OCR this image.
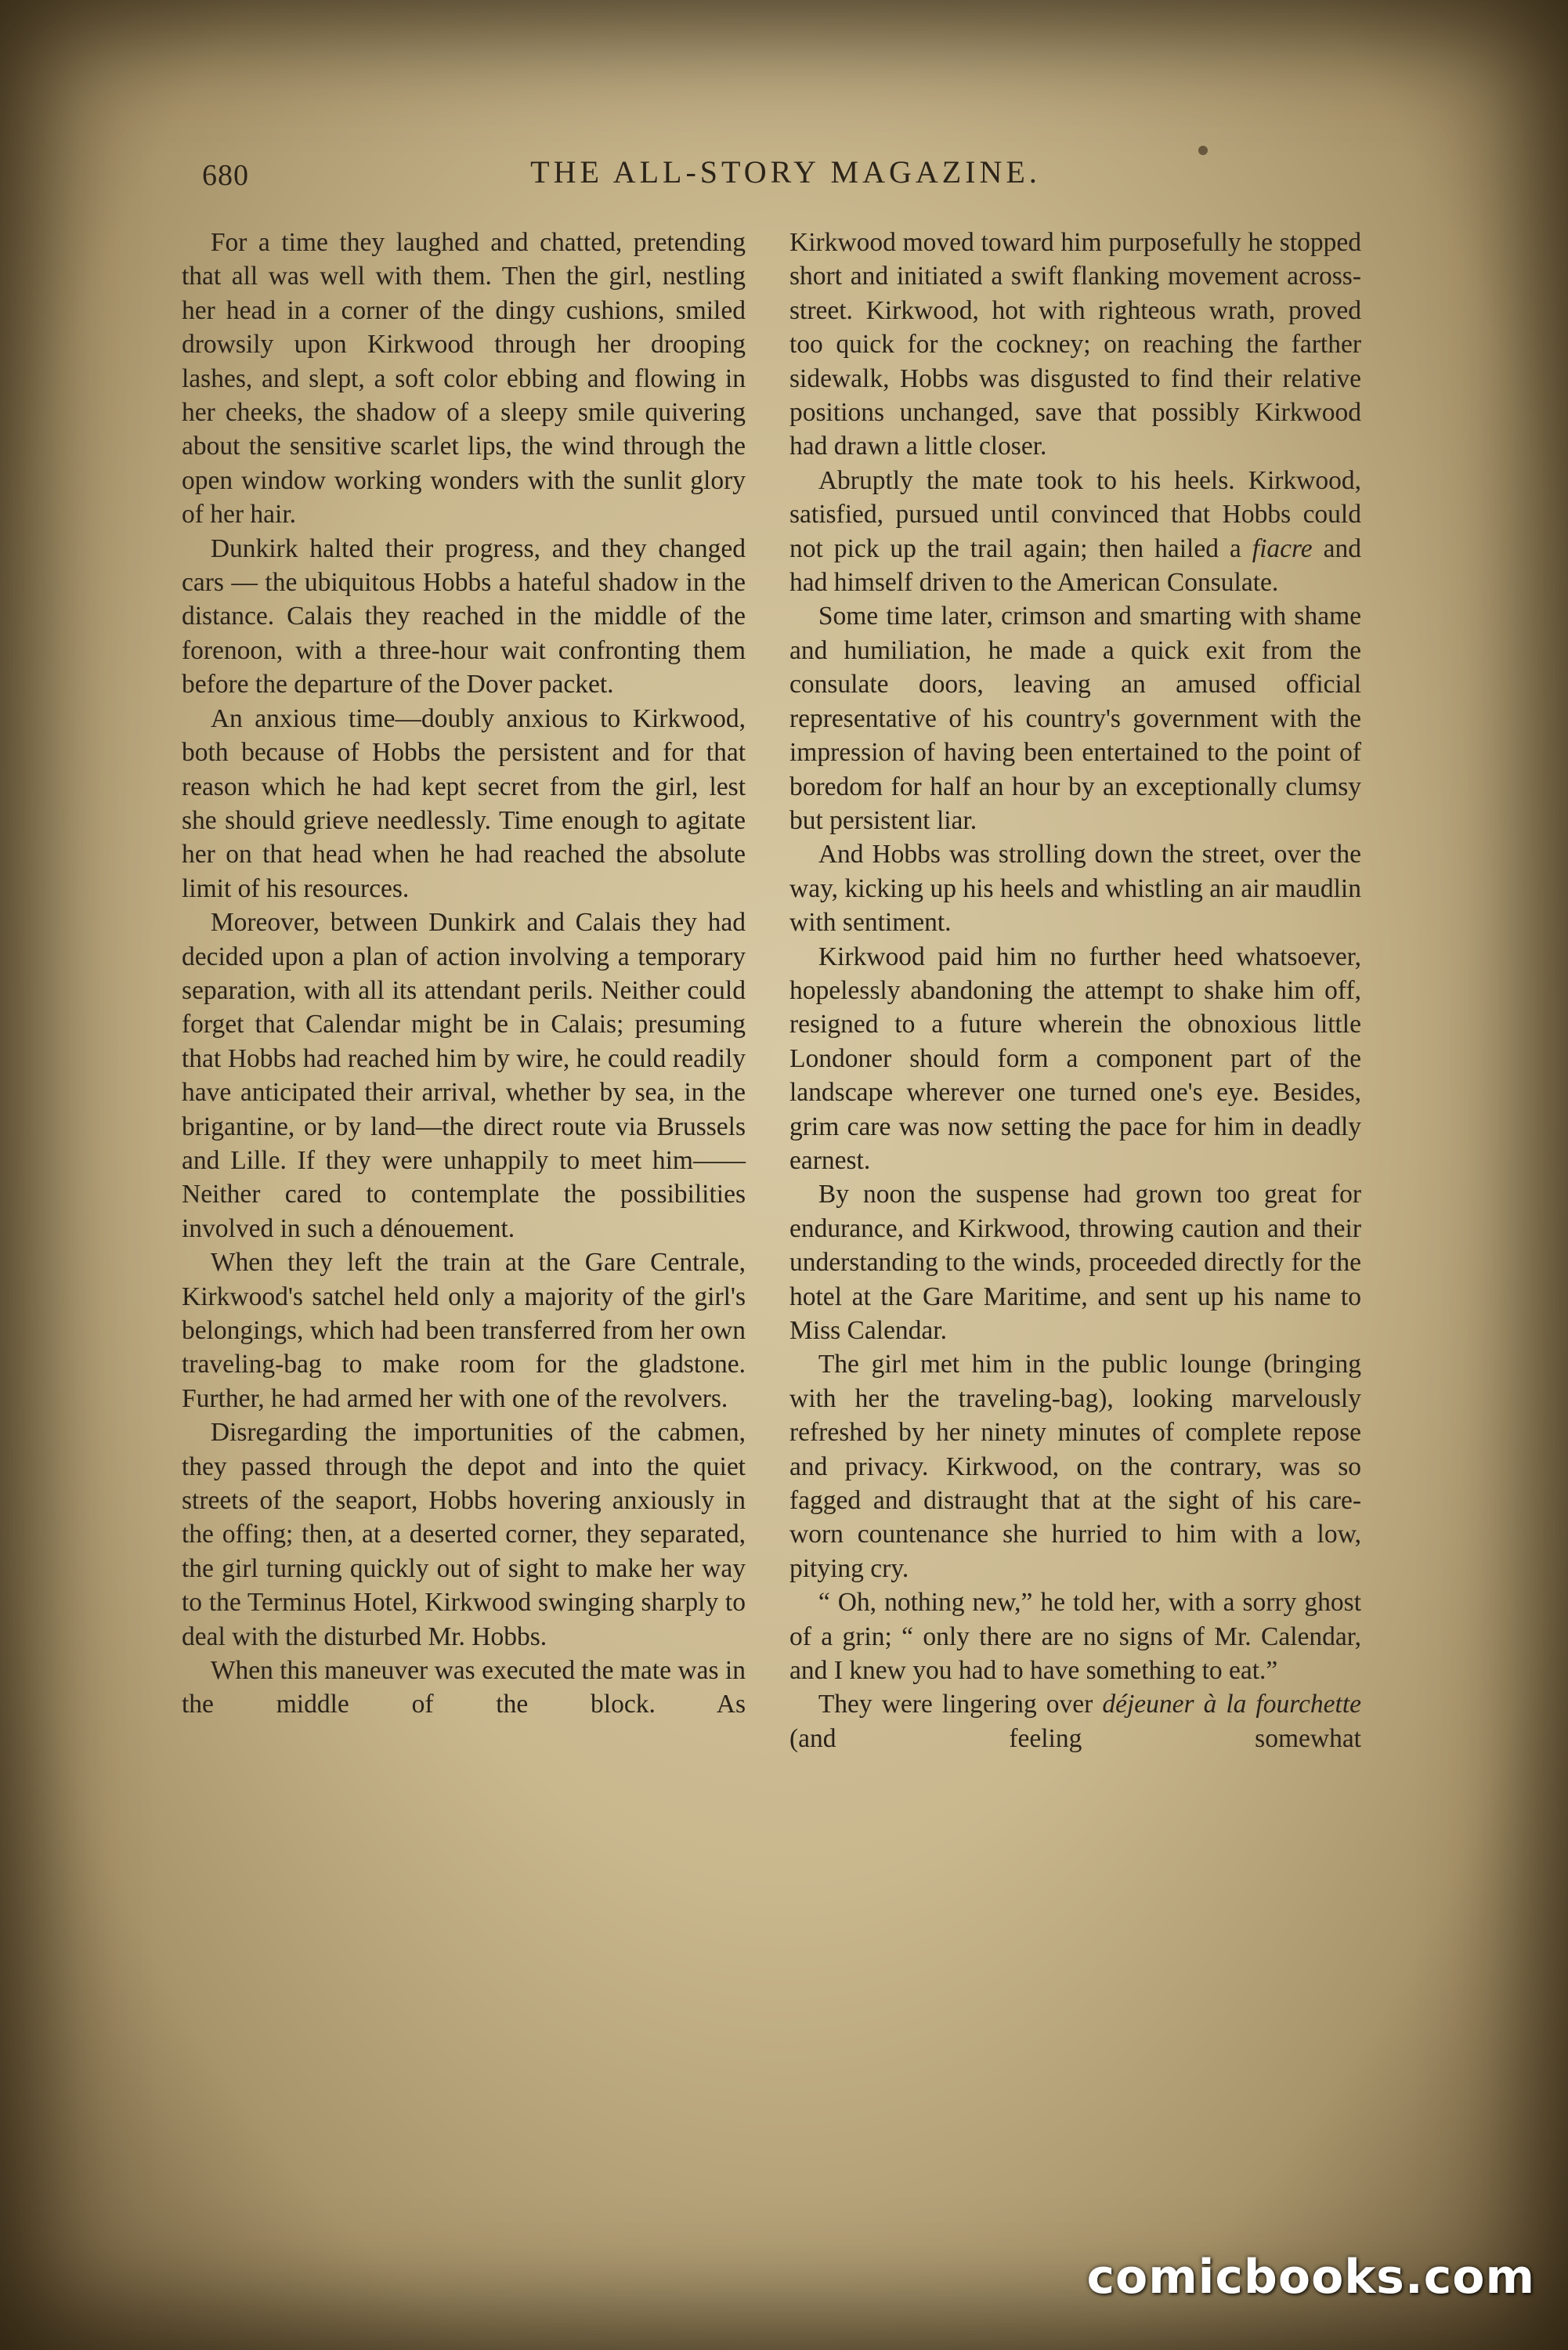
680	THE ALL-STORY MAGAZINE.

For a time they laughed and chatted, pretending that all was well with them. Then the girl, nestling her head in a corner of the dingy cushions, smiled drowsily upon Kirkwood through her drooping lashes, and slept, a soft color ebbing and flowing in her cheeks, the shadow of a sleepy smile quivering about the sensitive scarlet lips, the wind through the open window working wonders with the sunlit glory of her hair.

Dunkirk halted their progress, and they changed cars — the ubiquitous Hobbs a hateful shadow in the distance. Calais they reached in the middle of the forenoon, with a three-hour wait confronting them before the departure of the Dover packet.

An anxious time—doubly anxious to Kirkwood, both because of Hobbs the persistent and for that reason which he had kept secret from the girl, lest she should grieve needlessly. Time enough to agitate her on that head when he had reached the absolute limit of his resources.

Moreover, between Dunkirk and Calais they had decided upon a plan of action involving a temporary separation, with all its attendant perils. Neither could forget that Calendar might be in Calais; presuming that Hobbs had reached him by wire, he could readily have anticipated their arrival, whether by sea, in the brigantine, or by land—the direct route via Brussels and Lille. If they were unhappily to meet him—— Neither cared to contemplate the possibilities involved in such a dénouement.

When they left the train at the Gare Centrale, Kirkwood's satchel held only a majority of the girl's belongings, which had been transferred from her own traveling-bag to make room for the gladstone. Further, he had armed her with one of the revolvers.

Disregarding the importunities of the cabmen, they passed through the depot and into the quiet streets of the seaport, Hobbs hovering anxiously in the offing; then, at a deserted corner, they separated, the girl turning quickly out of sight to make her way to the Terminus Hotel, Kirkwood swinging sharply to deal with the disturbed Mr. Hobbs.

When this maneuver was executed the mate was in the middle of the block. As

Kirkwood moved toward him purposefully he stopped short and initiated a swift flanking movement across-street. Kirkwood, hot with righteous wrath, proved too quick for the cockney; on reaching the farther sidewalk, Hobbs was disgusted to find their relative positions unchanged, save that possibly Kirkwood had drawn a little closer.

Abruptly the mate took to his heels. Kirkwood, satisfied, pursued until convinced that Hobbs could not pick up the trail again; then hailed a fiacre and had himself driven to the American Consulate.

Some time later, crimson and smarting with shame and humiliation, he made a quick exit from the consulate doors, leaving an amused official representative of his country's government with the impression of having been entertained to the point of boredom for half an hour by an exceptionally clumsy but persistent liar.

And Hobbs was strolling down the street, over the way, kicking up his heels and whistling an air maudlin with sentiment.

Kirkwood paid him no further heed whatsoever, hopelessly abandoning the attempt to shake him off, resigned to a future wherein the obnoxious little Londoner should form a component part of the landscape wherever one turned one's eye. Besides, grim care was now setting the pace for him in deadly earnest.

By noon the suspense had grown too great for endurance, and Kirkwood, throwing caution and their understanding to the winds, proceeded directly for the hotel at the Gare Maritime, and sent up his name to Miss Calendar.

The girl met him in the public lounge (bringing with her the traveling-bag), looking marvelously refreshed by her ninety minutes of complete repose and privacy. Kirkwood, on the contrary, was so fagged and distraught that at the sight of his care-worn countenance she hurried to him with a low, pitying cry.

“ Oh, nothing new,” he told her, with a sorry ghost of a grin; “ only there are no signs of Mr. Calendar, and I knew you had to have something to eat.”

They were lingering over déjeuner à la fourchette (and feeling somewhat

comicbooks.com
